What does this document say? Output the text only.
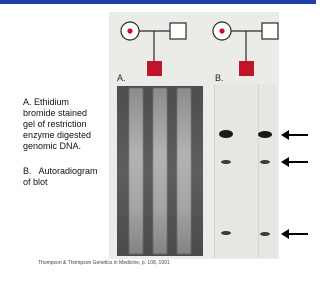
A.	B.
A. Ethidium
bromide stained
gel of restriction
enzyme digested
genomic DNA.
B.   Autoradiogram
of blot
Thompson & Thompson Genetics in Medicine, p. 108, 1991
